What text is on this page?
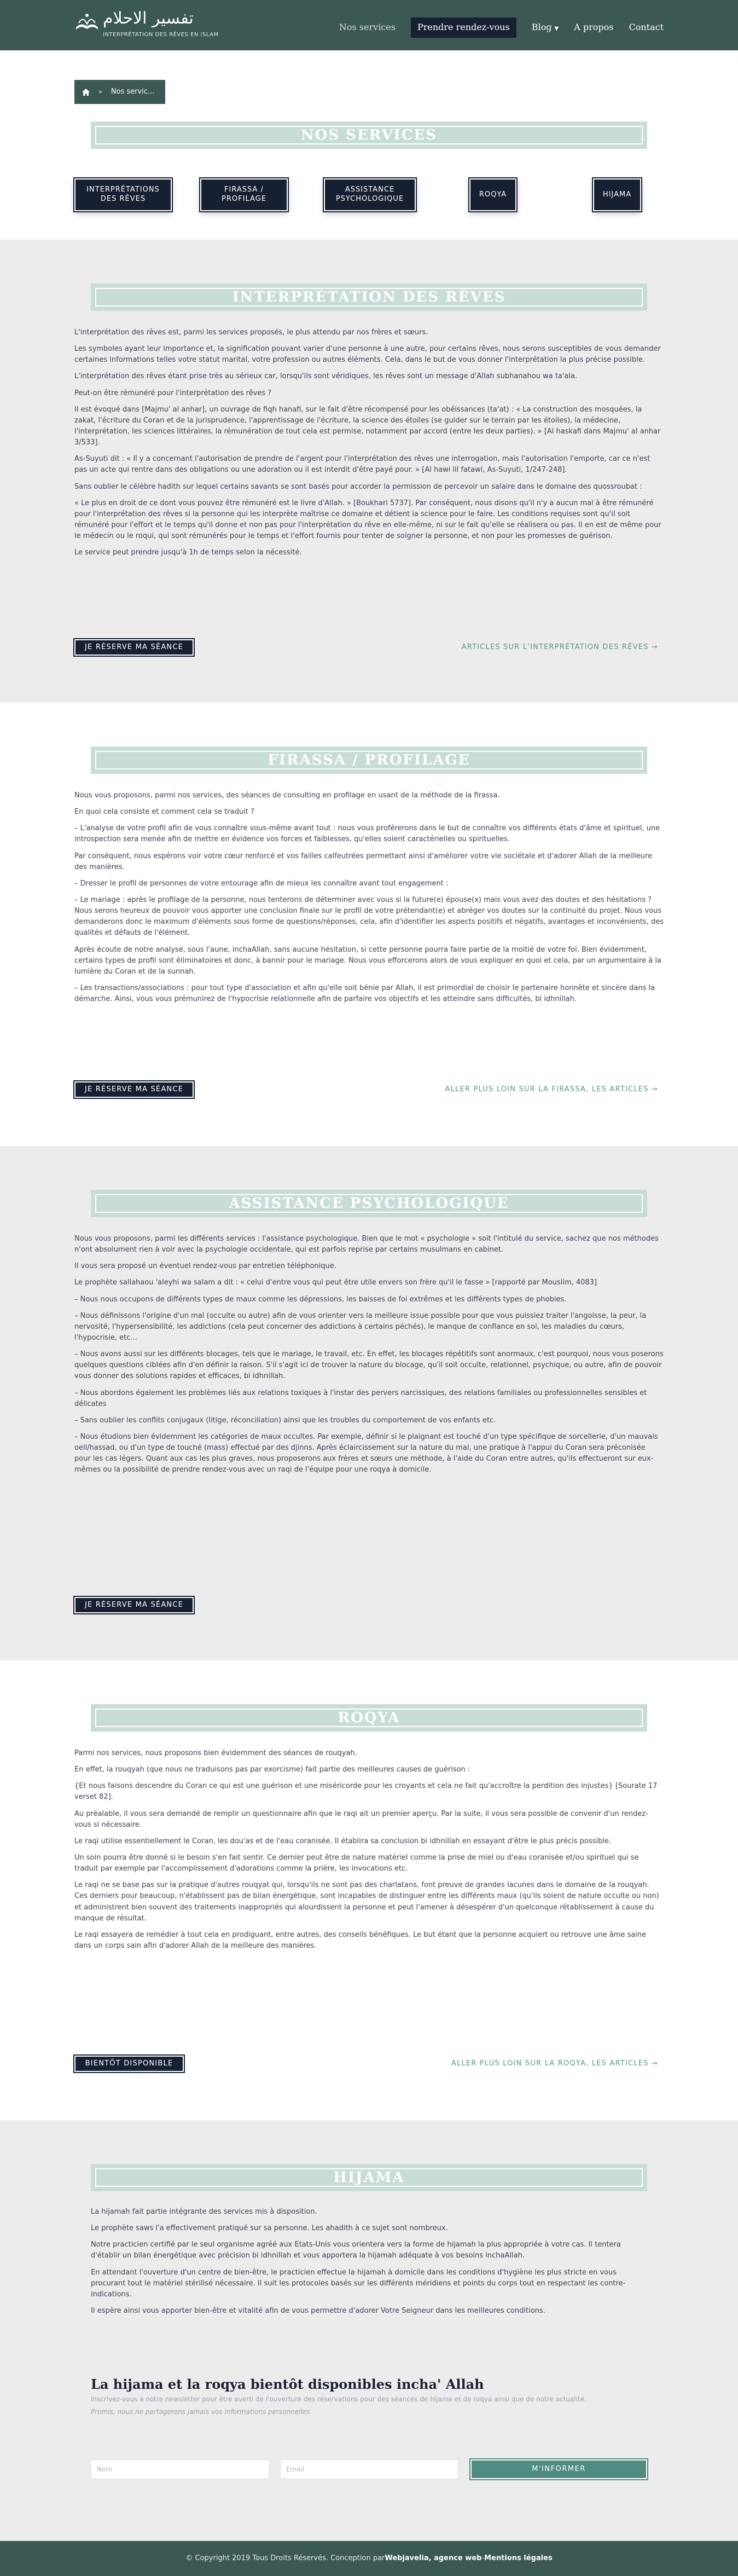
تفسير الاحلام
INTERPRÉTATION DES RÊVES EN ISLAM
Nos services	Prendre rendez-vous	Blog ▼ A propos Contact
» Nos servic...
NOS SERVICES
INTERPRÉTATIONS
DES RÊVES
FIRASSA /
PROFILAGE
ASSISTANCE
PSYCHOLOGIQUE
ROQYA	HIJAMA
INTERPRÉTATION DES RÊVES

L'interprétation des rêves est, parmi les services proposés, le plus attendu par nos frères et sœurs.

Les symboles ayant leur importance et, la signification pouvant varier d'une personne à une autre, pour certains rêves, nous serons susceptibles de vous demander certaines informations telles votre statut marital, votre profession ou autres éléments. Cela, dans le but de vous donner l'interprétation la plus précise possible.

L'interprétation des rêves étant prise très au sérieux car, lorsqu'ils sont véridiques, les rêves sont un message d'Allah subhanahou wa ta'ala.

Peut-on être rémunéré pour l'interprétation des rêves ?

Il est évoqué dans [Majmu' al anhar], un ouvrage de fiqh hanafi, sur le fait d'être récompensé pour les obéissances (ta'at) : « La construction des mosquées, la zakat, l'écriture du Coran et de la jurisprudence, l'apprentissage de l'écriture, la science des étoiles (se guider sur le terrain par les étoiles), la médecine, l'interprétation, les sciences littéraires, la rémunération de tout cela est permise, notamment par accord (entre les deux parties). » [Al haskafi dans Majmu' al anhar 3/533].

As-Suyuti dit : « Il y a concernant l'autorisation de prendre de l'argent pour l'interprétation des rêves une interrogation, mais l'autorisation l'emporte, car ce n'est pas un acte qui rentre dans des obligations ou une adoration ou il est interdit d'être payé pour. » [Al hawi lil fatawi, As-Suyuti, 1/247-248].

Sans oublier le célèbre hadith sur lequel certains savants se sont basés pour accorder la permission de percevoir un salaire dans le domaine des quossroubat :

« Le plus en droit de ce dont vous pouvez être rémunéré est le livre d'Allah. » [Boukhari 5737]. Par conséquent, nous disons qu'il n'y a aucun mal à être rémunéré pour l'interprétation des rêves si la personne qui les interprète maîtrise ce domaine et détient la science pour le faire. Les conditions requises sont qu'il soit rémunéré pour l'effort et le temps qu'il donne et non pas pour l'interprétation du rêve en elle-même, ni sur le fait qu'elle se réalisera ou pas. Il en est de même pour le médecin ou le roqui, qui sont rémunérés pour le temps et l'effort fournis pour tenter de soigner la personne, et non pour les promesses de guérison.

Le service peut prendre jusqu'à 1h de temps selon la nécessité.

JE RÉSERVE MA SÉANCE	ARTICLES SUR L'INTERPRÉTATION DES RÊVES →
FIRASSA / PROFILAGE

Nous vous proposons, parmi nos services, des séances de consulting en profilage en usant de la méthode de la firassa.

En quoi cela consiste et comment cela se traduit ?

– L'analyse de votre profil afin de vous connaître vous-même avant tout : nous vous proférerons dans le but de connaître vos différents états d'âme et spirituel, une introspection sera menée afin de mettre en évidence vos forces et faiblesses, qu'elles soient caractérielles ou spirituelles.

Par conséquent, nous espérons voir votre cœur renforcé et vos failles calfeutrées permettant ainsi d'améliorer votre vie sociétale et d'adorer Allah de la meilleure des manières.

– Dresser le profil de personnes de votre entourage afin de mieux les connaître avant tout engagement :

– Le mariage : après le profilage de la personne, nous tenterons de déterminer avec vous si la future(e) épouse(x) mais vous avez des doutes et des hésitations ? Nous serons heureux de pouvoir vous apporter une conclusion finale sur le profil de votre prétendant(e) et abréger vos doutes sur la continuité du projet. Nous vous demanderons donc le maximum d'éléments sous forme de questions/réponses, cela, afin d'identifier les aspects positifs et négatifs, avantages et inconvénients, des qualités et défauts de l'élément.

Après écoute de notre analyse, sous l'aune, inchaAllah, sans aucune hésitation, si cette personne pourra faire partie de la moitié de votre foi. Bien évidemment, certains types de profil sont éliminatoires et donc, à bannir pour le mariage. Nous vous efforcerons alors de vous expliquer en quoi et cela, par un argumentaire à la lumière du Coran et de la sunnah.

– Les transactions/associations : pour tout type d'association et afin qu'elle soit bénie par Allah, il est primordial de choisir le partenaire honnête et sincère dans la démarche. Ainsi, vous vous prémunirez de l'hypocrisie relationnelle afin de parfaire vos objectifs et les atteindre sans difficultés, bi idhnillah.

JE RÉSERVE MA SÉANCE	ALLER PLUS LOIN SUR LA FIRASSA, LES ARTICLES →
ASSISTANCE PSYCHOLOGIQUE

Nous vous proposons, parmi les différents services : l'assistance psychologique. Bien que le mot « psychologie » soit l'intitulé du service, sachez que nos méthodes n'ont absolument rien à voir avec la psychologie occidentale, qui est parfois reprise par certains musulmans en cabinet.

Il vous sera proposé un éventuel rendez-vous par entretien téléphonique.

Le prophète sallahaou 'aleyhi wa salam a dit : « celui d'entre vous qui peut être utile envers son frère qu'il le fasse » [rapporté par Mouslim, 4083]

– Nous nous occupons de différents types de maux comme les dépressions, les baisses de foi extrêmes et les différents types de phobies.

– Nous définissons l'origine d'un mal (occulte ou autre) afin de vous orienter vers la meilleure issue possible pour que vous puissiez traiter l'angoisse, la peur, la nervosité, l'hypersensibilité, les addictions (cela peut concerner des addictions à certains péchés), le manque de confiance en soi, les maladies du cœurs, l'hypocrisie, etc...

– Nous avons aussi sur les différents blocages, tels que le mariage, le travail, etc. En effet, les blocages répétitifs sont anormaux, c'est pourquoi, nous vous poserons quelques questions ciblées afin d'en définir la raison. S'il s'agit ici de trouver la nature du blocage, qu'il soit occulte, relationnel, psychique, ou autre, afin de pouvoir vous donner des solutions rapides et efficaces, bi idhnillah.

– Nous abordons également les problèmes liés aux relations toxiques à l'instar des pervers narcissiques, des relations familiales ou professionnelles sensibles et délicates

– Sans oublier les conflits conjugaux (litige, réconciliation) ainsi que les troubles du comportement de vos enfants etc.

– Nous étudions bien évidemment les catégories de maux occultes. Par exemple, définir si le plaignant est touché d'un type spécifique de sorcellerie, d'un mauvais oeil/hassad, ou d'un type de touché (mass) effectué par des djinns. Après éclaircissement sur la nature du mal, une pratique à l'appui du Coran sera préconisée pour les cas légers. Quant aux cas les plus graves, nous proposerons aux frères et sœurs une méthode, à l'aide du Coran entre autres, qu'ils effectueront sur eux-mêmes ou la possibilité de prendre rendez-vous avec un raqi de l'équipe pour une roqya à domicile.

JE RÉSERVE MA SÉANCE
ROQYA

Parmi nos services, nous proposons bien évidemment des séances de rouqyah.

En effet, la rouqyah (que nous ne traduisons pas par exorcisme) fait partie des meilleures causes de guérison :

{Et nous faisons descendre du Coran ce qui est une guérison et une miséricorde pour les croyants et cela ne fait qu'accroître la perdition des injustes} [Sourate 17 verset 82].

Au préalable, il vous sera demandé de remplir un questionnaire afin que le raqi ait un premier aperçu. Par la suite, il vous sera possible de convenir d'un rendez-vous si nécessaire.

Le raqi utilise essentiellement le Coran, les dou'as et de l'eau coranisée. Il établira sa conclusion bi idhnillah en essayant d'être le plus précis possible.

Un soin pourra être donné si le besoin s'en fait sentir. Ce dernier peut être de nature matériel comme la prise de miel ou d'eau coranisée et/ou spirituel qui se traduit par exemple par l'accomplissement d'adorations comme la prière, les invocations etc.

Le raqi ne se base pas sur la pratique d'autres rouqyat qui, lorsqu'ils ne sont pas des charlatans, font preuve de grandes lacunes dans le domaine de la rouqyah. Ces derniers pour beaucoup, n'établissent pas de bilan énergétique, sont incapables de distinguer entre les différents maux (qu'ils soient de nature occulte ou non) et administrent bien souvent des traitements inappropriés qui alourdissent la personne et peut l'amener à désespérer d'un quelconque rétablissement à cause du manque de résultat.

Le raqi essayera de remédier à tout cela en prodiguant, entre autres, des conseils bénéfiques. Le but étant que la personne acquiert ou retrouve une âme saine dans un corps sain afin d'adorer Allah de la meilleure des manières.

BIENTÔT DISPONIBLE	ALLER PLUS LOIN SUR LA ROQYA, LES ARTICLES →
HIJAMA

La hijamah fait partie intégrante des services mis à disposition.

Le prophète saws l'a effectivement pratiqué sur sa personne. Les ahadith à ce sujet sont nombreux.

Notre practicien certifié par le seul organisme agréé aux Etats-Unis vous orientera vers la forme de hijamah la plus appropriée à votre cas. Il tentera d'établir un bilan énergétique avec précision bi idhnillah et vous apportera la hijamah adéquate à vos besoins inchaAllah.

En attendant l'ouverture d'un centre de bien-être, le practicien effectue la hijamah à domicile dans les conditions d'hygiène les plus stricte en vous procurant tout le matériel stérilisé nécessaire. Il suit les protocoles basés sur les différents méridiens et points du corps tout en respectant les contre-indications.

Il espère ainsi vous apporter bien-être et vitalité afin de vous permettre d'adorer Votre Seigneur dans les meilleures conditions.

La hijama et la roqya bientôt disponibles incha' Allah
Inscrivez-vous à notre newsletter pour être averti de l'ouverture des réservations pour des séances de hijama et de roqya ainsi que de notre actualité.
Promis, nous ne partagerons jamais vos informations personnelles
Nom	Email	M'INFORMER
© Copyright 2019 Tous Droits Réservés. Conception par Webjavelia, agence web - Mentions légales
